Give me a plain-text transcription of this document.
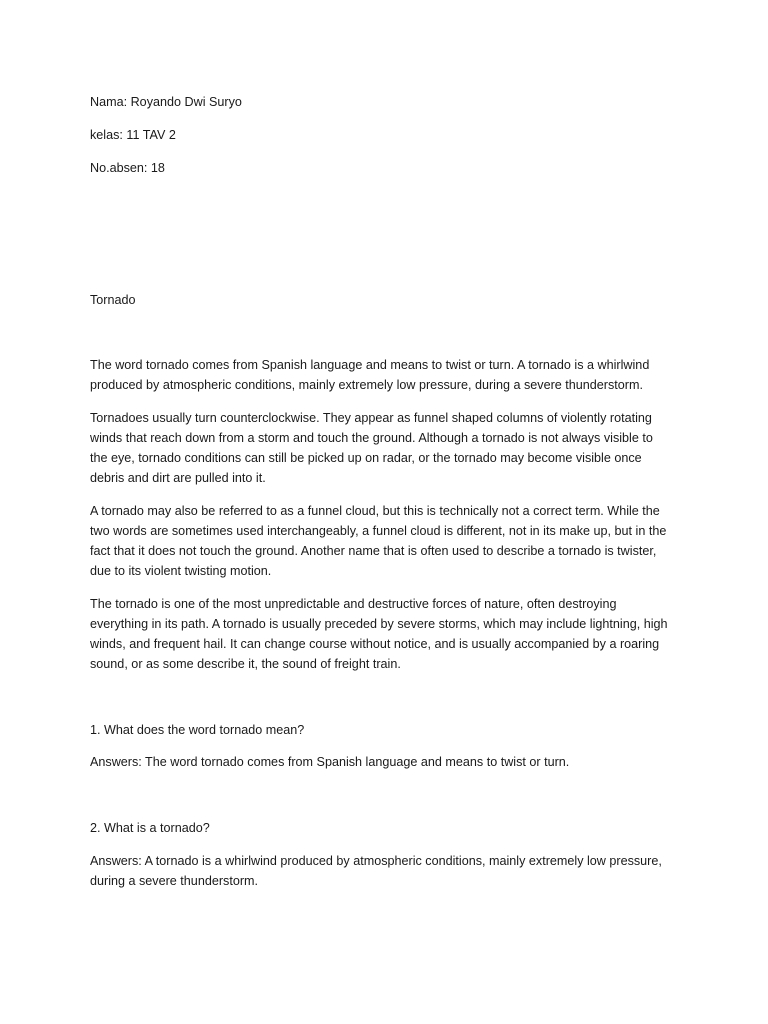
Nama: Royando Dwi Suryo

kelas: 11 TAV 2

No.absen: 18

Tornado

The word tornado comes from Spanish language and means to twist or turn. A tornado is a whirlwind
produced by atmospheric conditions, mainly extremely low pressure, during a severe thunderstorm.
Tornadoes usually turn counterclockwise. They appear as funnel shaped columns of violently rotating
winds that reach down from a storm and touch the ground. Although a tornado is not always visible to
the eye, tornado conditions can still be picked up on radar, or the tornado may become visible once
debris and dirt are pulled into it.
A tornado may also be referred to as a funnel cloud, but this is technically not a correct term. While the
two words are sometimes used interchangeably, a funnel cloud is different, not in its make up, but in the
fact that it does not touch the ground. Another name that is often used to describe a tornado is twister,
due to its violent twisting motion.
The tornado is one of the most unpredictable and destructive forces of nature, often destroying
everything in its path. A tornado is usually preceded by severe storms, which may include lightning, high
winds, and frequent hail. It can change course without notice, and is usually accompanied by a roaring
sound, or as some describe it, the sound of freight train.

1. What does the word tornado mean?

Answers: The word tornado comes from Spanish language and means to twist or turn.

2. What is a tornado?

Answers: A tornado is a whirlwind produced by atmospheric conditions, mainly extremely low pressure,
during a severe thunderstorm.
